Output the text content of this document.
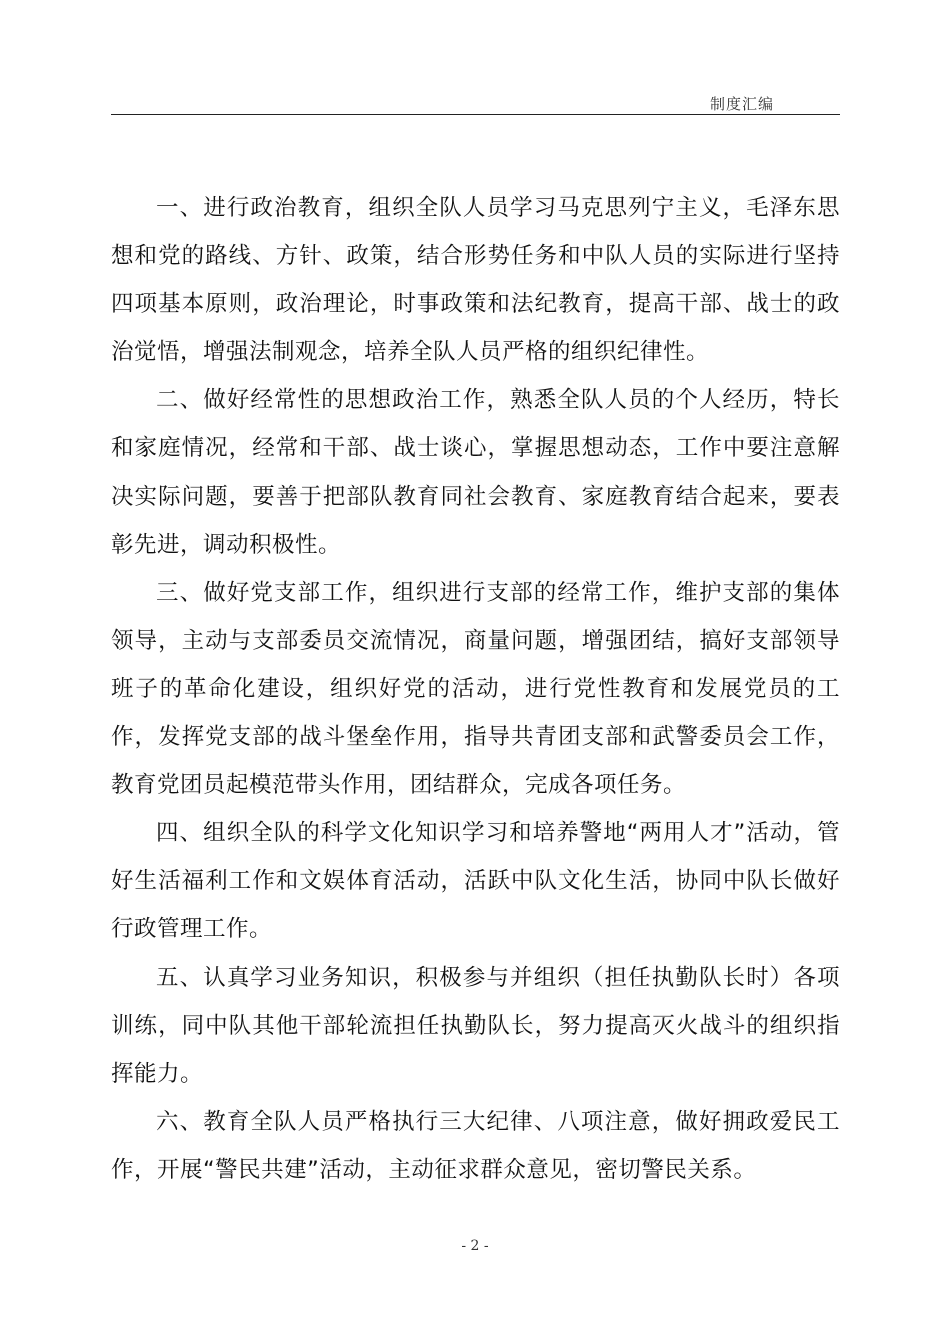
制度汇编

一、进行政治教育，组织全队人员学习马克思列宁主义，毛泽东思想和党的路线、方针、政策，结合形势任务和中队人员的实际进行坚持四项基本原则，政治理论，时事政策和法纪教育，提高干部、战士的政治觉悟，增强法制观念，培养全队人员严格的组织纪律性。

二、做好经常性的思想政治工作，熟悉全队人员的个人经历，特长和家庭情况，经常和干部、战士谈心，掌握思想动态，工作中要注意解决实际问题，要善于把部队教育同社会教育、家庭教育结合起来，要表彰先进，调动积极性。

三、做好党支部工作，组织进行支部的经常工作，维护支部的集体领导，主动与支部委员交流情况，商量问题，增强团结，搞好支部领导班子的革命化建设，组织好党的活动，进行党性教育和发展党员的工作，发挥党支部的战斗堡垒作用，指导共青团支部和武警委员会工作，教育党团员起模范带头作用，团结群众，完成各项任务。

四、组织全队的科学文化知识学习和培养警地“两用人才”活动，管好生活福利工作和文娱体育活动，活跃中队文化生活，协同中队长做好行政管理工作。

五、认真学习业务知识，积极参与并组织（担任执勤队长时）各项训练，同中队其他干部轮流担任执勤队长，努力提高灭火战斗的组织指挥能力。

六、教育全队人员严格执行三大纪律、八项注意，做好拥政爱民工作，开展“警民共建”活动，主动征求群众意见，密切警民关系。

- 2 -
